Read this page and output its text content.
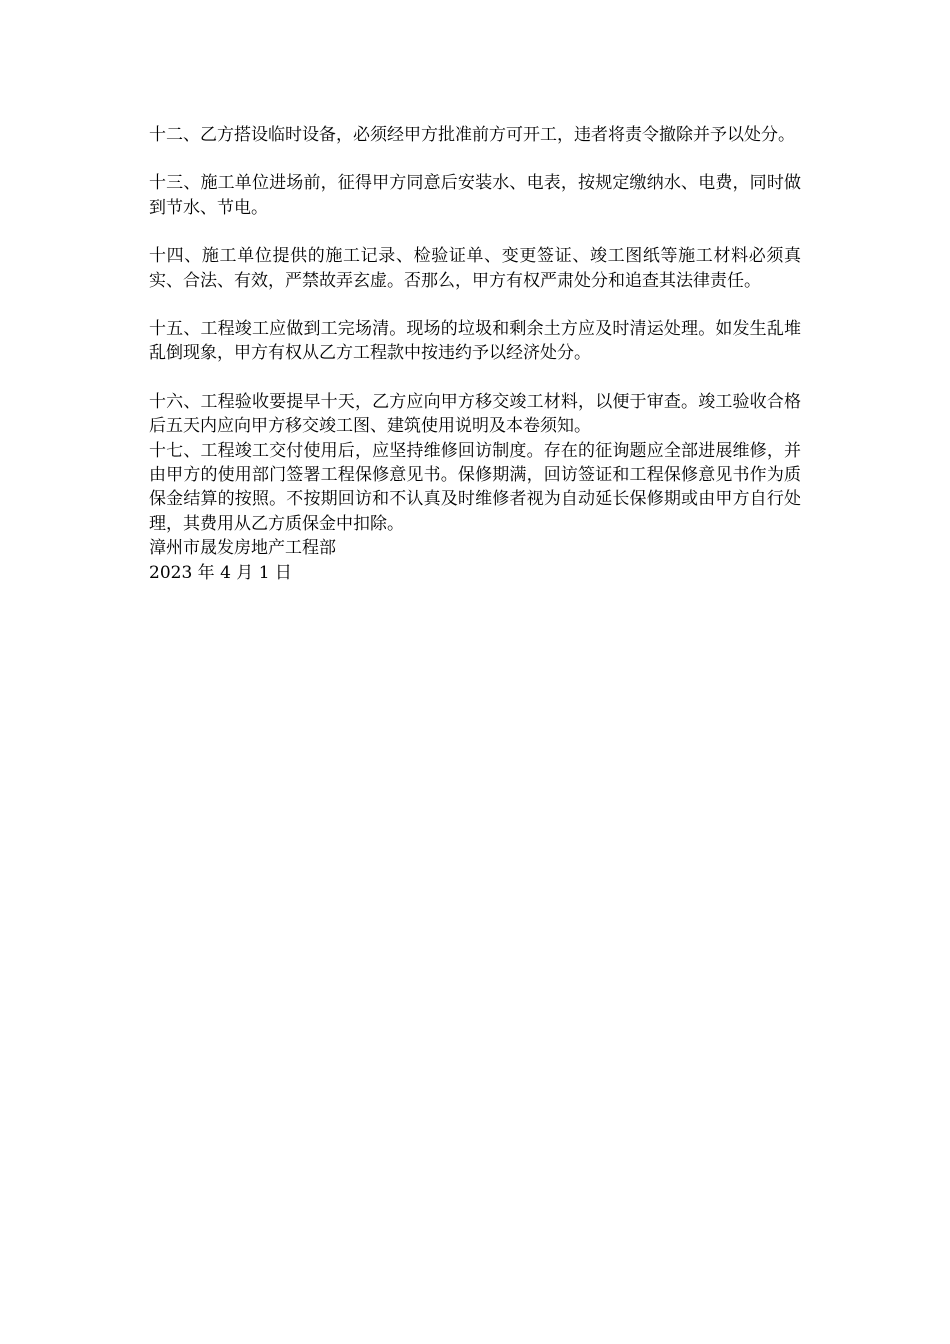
十二、乙方搭设临时设备，必须经甲方批准前方可开工，违者将责令撤除并予以处分。

十三、施工单位进场前，征得甲方同意后安装水、电表，按规定缴纳水、电费，同时做到节水、节电。

十四、施工单位提供的施工记录、检验证单、变更签证、竣工图纸等施工材料必须真实、合法、有效，严禁故弄玄虚。否那么，甲方有权严肃处分和追查其法律责任。

十五、工程竣工应做到工完场清。现场的垃圾和剩余土方应及时清运处理。如发生乱堆乱倒现象，甲方有权从乙方工程款中按违约予以经济处分。

十六、工程验收要提早十天，乙方应向甲方移交竣工材料，以便于审查。竣工验收合格后五天内应向甲方移交竣工图、建筑使用说明及本卷须知。

十七、工程竣工交付使用后，应坚持维修回访制度。存在的征询题应全部进展维修，并由甲方的使用部门签署工程保修意见书。保修期满，回访签证和工程保修意见书作为质保金结算的按照。不按期回访和不认真及时维修者视为自动延长保修期或由甲方自行处理，其费用从乙方质保金中扣除。

漳州市晟发房地产工程部

2023 年 4 月 1 日
